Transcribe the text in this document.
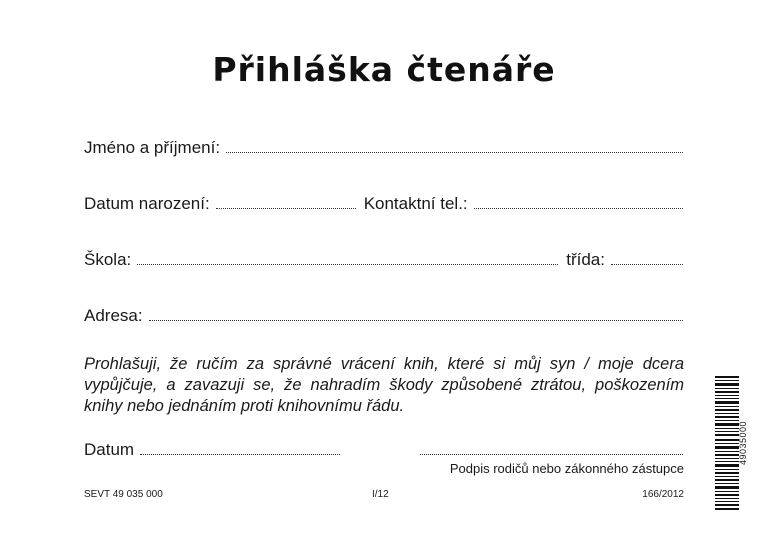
Přihláška čtenáře
Jméno a příjmení:
Datum narození:	Kontaktní tel.:
Škola:	třída:
Adresa:
Prohlašuji, že ručím za správné vrácení knih, které si můj syn / moje dcera vypůjčuje, a zavazuji se, že nahradím škody způsobené ztrátou, poškozením knihy nebo jednáním proti knihovnímu řádu.
Datum
Podpis rodičů nebo zákonného zástupce
SEVT 49 035 000	I/12	166/2012
49035000
